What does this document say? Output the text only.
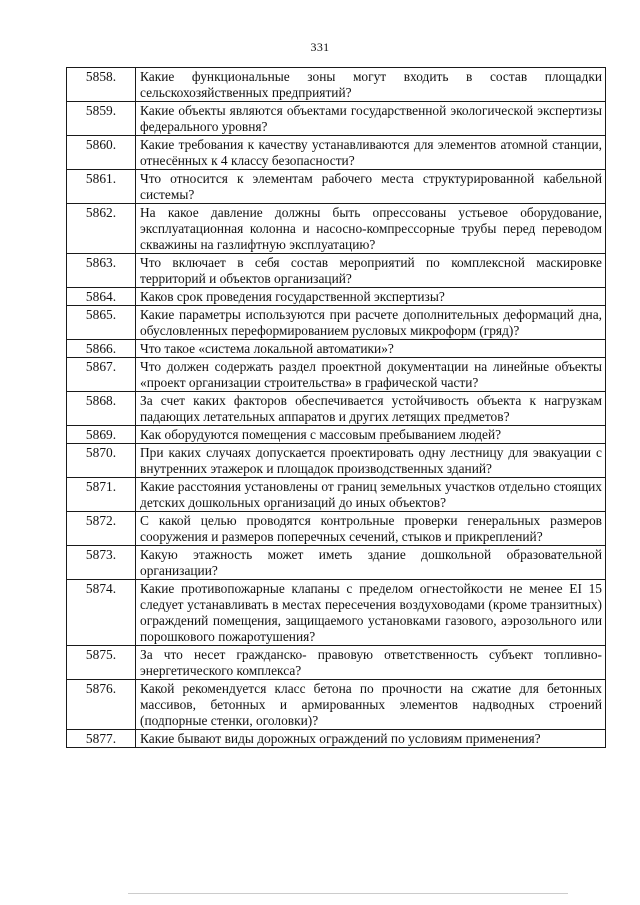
331
5858.	Какие функциональные зоны могут входить в состав площадки сельскохозяйственных предприятий?
5859.	Какие объекты являются объектами государственной экологической экспертизы федерального уровня?
5860.	Какие требования к качеству устанавливаются для элементов атомной станции, отнесённых к 4 классу безопасности?
5861.	Что относится к элементам рабочего места структурированной кабельной системы?
5862.	На какое давление должны быть опрессованы устьевое оборудование, эксплуатационная колонна и насосно-компрессорные трубы перед переводом скважины на газлифтную эксплуатацию?
5863.	Что включает в себя состав мероприятий по комплексной маскировке территорий и объектов организаций?
5864.	Каков срок проведения государственной экспертизы?
5865.	Какие параметры используются при расчете дополнительных деформаций дна, обусловленных переформированием русловых микроформ (гряд)?
5866.	Что такое «система локальной автоматики»?
5867.	Что должен содержать раздел проектной документации на линейные объекты «проект организации строительства» в графической части?
5868.	За счет каких факторов обеспечивается устойчивость объекта к нагрузкам падающих летательных аппаратов и других летящих предметов?
5869.	Как оборудуются помещения с массовым пребыванием людей?
5870.	При каких случаях допускается проектировать одну лестницу для эвакуации с внутренних этажерок и площадок производственных зданий?
5871.	Какие расстояния установлены от границ земельных участков отдельно стоящих детских дошкольных организаций до иных объектов?
5872.	С какой целью проводятся контрольные проверки генеральных размеров сооружения и размеров поперечных сечений, стыков и прикреплений?
5873.	Какую этажность может иметь здание дошкольной образовательной организации?
5874.	Какие противопожарные клапаны с пределом огнестойкости не менее EI 15 следует устанавливать в местах пересечения воздуховодами (кроме транзитных) ограждений помещения, защищаемого установками газового, аэрозольного или порошкового пожаротушения?
5875.	За что несет гражданско- правовую ответственность субъект топливно-энергетического комплекса?
5876.	Какой рекомендуется класс бетона по прочности на сжатие для бетонных массивов, бетонных и армированных элементов надводных строений (подпорные стенки, оголовки)?
5877.	Какие бывают виды дорожных ограждений по условиям применения?
